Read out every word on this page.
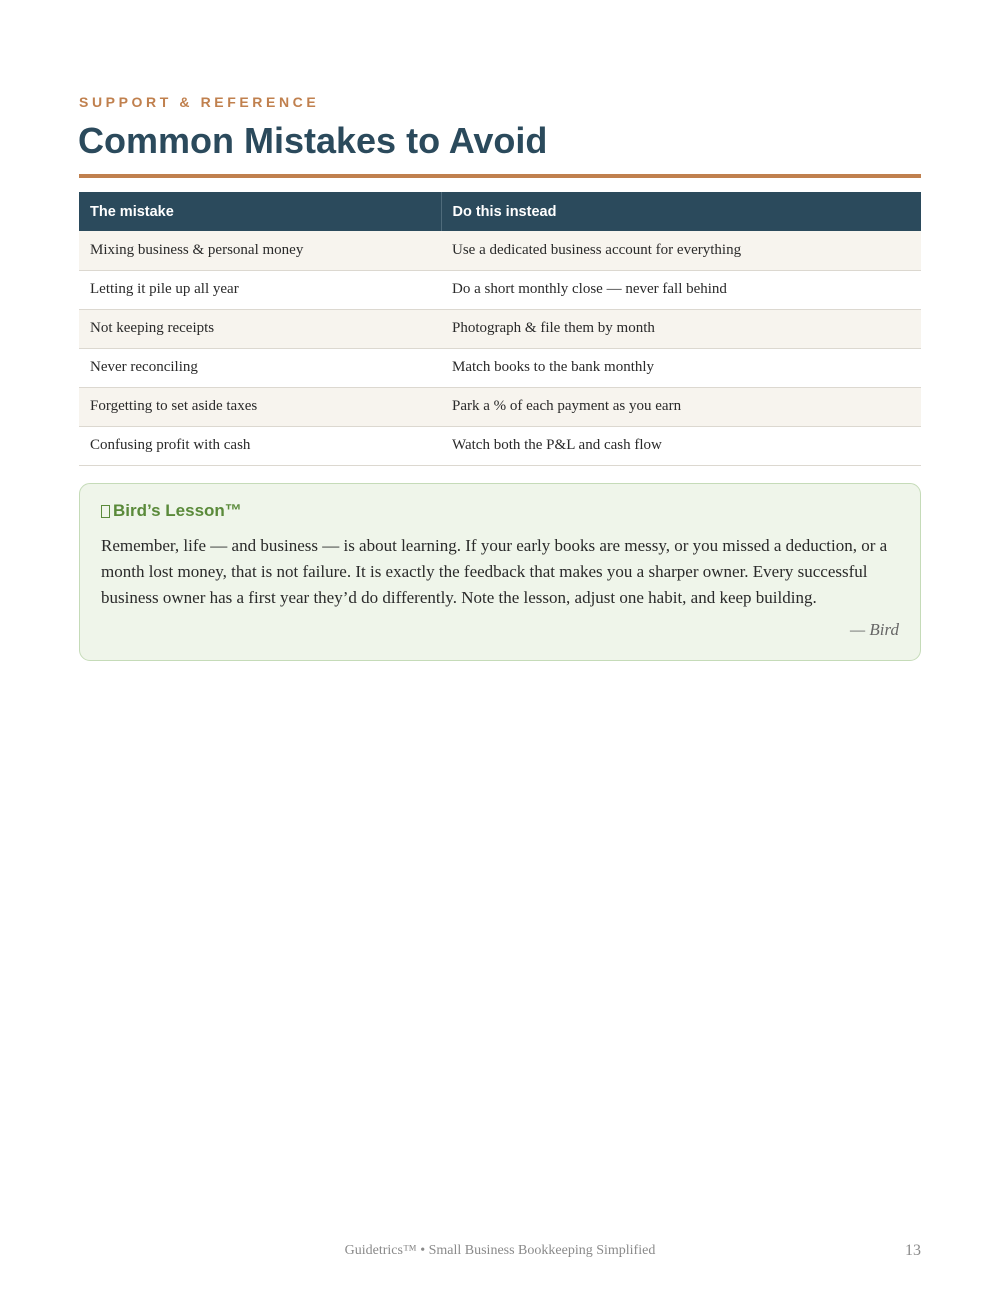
SUPPORT & REFERENCE
Common Mistakes to Avoid
The mistake	Do this instead
Mixing business & personal money	Use a dedicated business account for everything
Letting it pile up all year	Do a short monthly close — never fall behind
Not keeping receipts	Photograph & file them by month
Never reconciling	Match books to the bank monthly
Forgetting to set aside taxes	Park a % of each payment as you earn
Confusing profit with cash	Watch both the P&L and cash flow
Bird’s Lesson™

Remember, life — and business — is about learning. If your early books are messy, or you missed a deduction, or a month lost money, that is not failure. It is exactly the feedback that makes you a sharper owner. Every successful business owner has a first year they’d do differently. Note the lesson, adjust one habit, and keep building.

— Bird
Guidetrics™ • Small Business Bookkeeping Simplified	13
